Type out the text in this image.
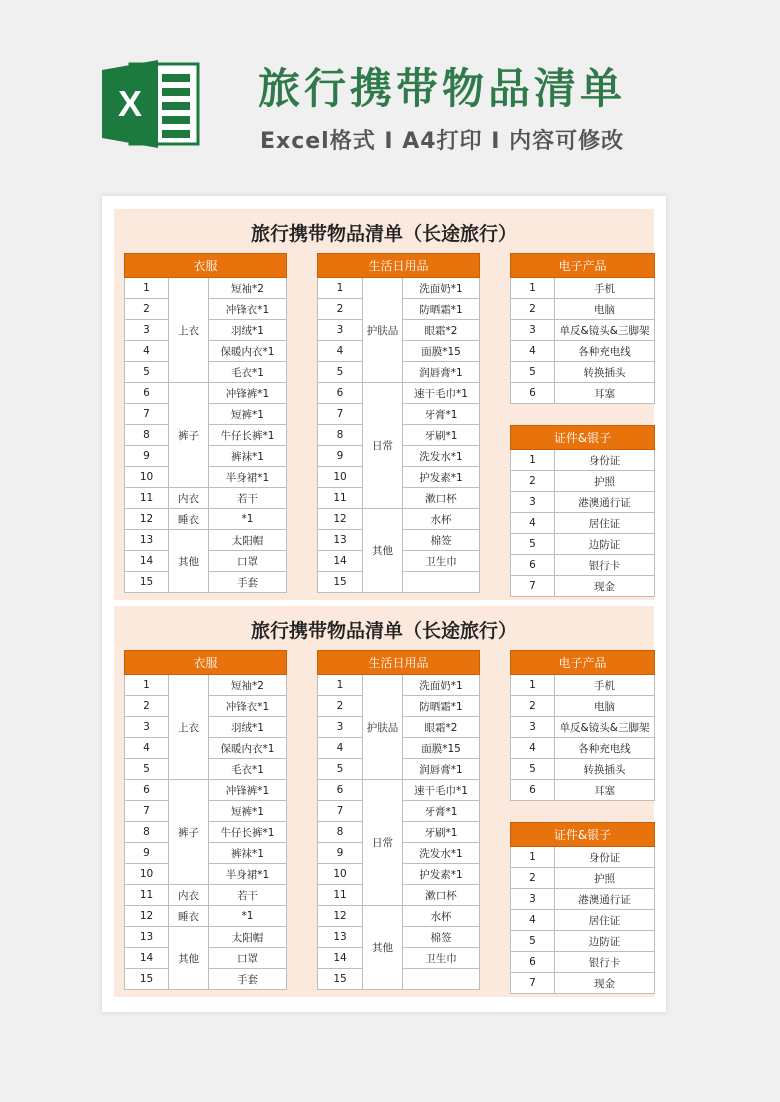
X	旅行携带物品清单
Excel格式 I A4打印 I 内容可修改
旅行携带物品清单（长途旅行）
衣服		
1	上衣	短袖*2
2		冲锋衣*1
3		羽绒*1
4		保暖内衣*1
5		毛衣*1
6	裤子	冲锋裤*1
7		短裤*1
8		牛仔长裤*1
9		裤袜*1
10		半身裙*1
11	内衣	若干
12	睡衣	*1
13	其他	太阳帽
14		口罩
15		手套
生活日用品		
1	护肤品	洗面奶*1
2		防晒霜*1
3		眼霜*2
4		面膜*15
5		润唇膏*1
6	日常	速干毛巾*1
7		牙膏*1
8		牙刷*1
9		洗发水*1
10		护发素*1
11		漱口杯
12	其他	水杯
13		棉签
14		卫生巾
15		
电子产品	
1	手机
2	电脑
3	单反&镜头&三脚架
4	各种充电线
5	转换插头
6	耳塞
证件&银子	
1	身份证
2	护照
3	港澳通行证
4	居住证
5	边防证
6	银行卡
7	现金
旅行携带物品清单（长途旅行）
衣服		
1	上衣	短袖*2
2		冲锋衣*1
3		羽绒*1
4		保暖内衣*1
5		毛衣*1
6	裤子	冲锋裤*1
7		短裤*1
8		牛仔长裤*1
9		裤袜*1
10		半身裙*1
11	内衣	若干
12	睡衣	*1
13	其他	太阳帽
14		口罩
15		手套
生活日用品		
1	护肤品	洗面奶*1
2		防晒霜*1
3		眼霜*2
4		面膜*15
5		润唇膏*1
6	日常	速干毛巾*1
7		牙膏*1
8		牙刷*1
9		洗发水*1
10		护发素*1
11		漱口杯
12	其他	水杯
13		棉签
14		卫生巾
15		
电子产品	
1	手机
2	电脑
3	单反&镜头&三脚架
4	各种充电线
5	转换插头
6	耳塞
证件&银子	
1	身份证
2	护照
3	港澳通行证
4	居住证
5	边防证
6	银行卡
7	现金
